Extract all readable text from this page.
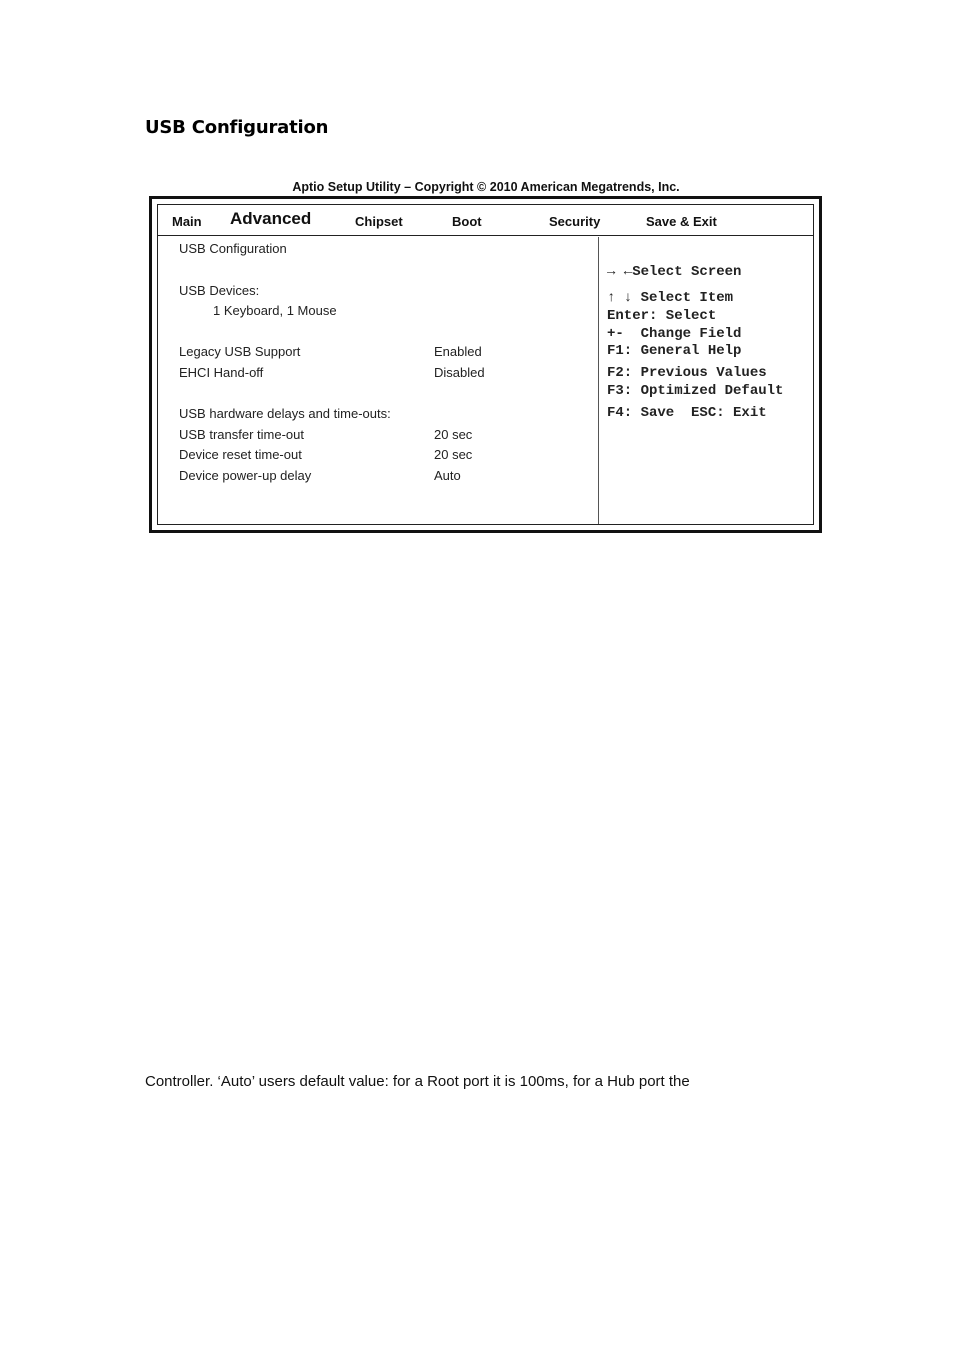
USB Configuration
Aptio Setup Utility – Copyright © 2010 American Megatrends, Inc.
Main Advanced	Chipset	Boot	Security	Save & Exit
USB Configuration
USB Devices:
1 Keyboard, 1 Mouse
Legacy USB Support	Enabled
EHCI Hand-off	Disabled
USB hardware delays and time-outs:
USB transfer time-out	20 sec
Device reset time-out	20 sec
Device power-up delay	Auto
→ ←Select Screen
↑ ↓ Select Item
Enter: Select
+-  Change Field
F1: General Help
F2: Previous Values
F3: Optimized Default
F4: Save  ESC: Exit
Controller. ‘Auto’ users default value: for a Root port it is 100ms, for a Hub port the
